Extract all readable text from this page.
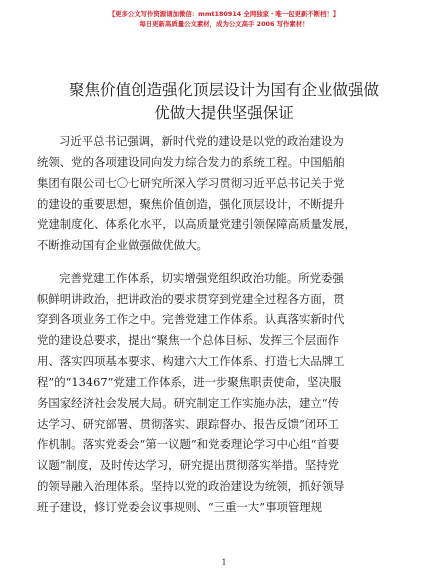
【更多公文写作资源请加微信：mmt180914 全网独家・唯一包更新不断档！】
每日更新高质量公文素材，成为公文高手 2006 写作素材！
聚焦价值创造强化顶层设计为国有企业做强做
优做大提供坚强保证
习近平总书记强调，新时代党的建设是以党的政治建设为
统领、党的各项建设同向发力综合发力的系统工程。中国船舶
集团有限公司七〇七研究所深入学习贯彻习近平总书记关于党
的建设的重要思想，聚焦价值创造，强化顶层设计，不断提升
党建制度化、体系化水平，以高质量党建引领保障高质量发展，
不断推动国有企业做强做优做大。
完善党建工作体系，切实增强党组织政治功能。所党委强
帜鲜明讲政治，把讲政治的要求贯穿到党建全过程各方面，贯
穿到各项业务工作之中。完善党建工作体系。认真落实新时代
党的建设总要求，提出“聚焦一个总体目标、发挥三个层面作
用、落实四项基本要求、构建六大工作体系、打造七大品牌工
程”的“13467”党建工作体系，进一步聚焦职责使命，坚决服
务国家经济社会发展大局。研究制定工作实施办法，建立“传
达学习、研究部署、贯彻落实、跟踪督办、报告反馈”闭环工
作机制。落实党委会“第一议题”和党委理论学习中心组“首要
议题”制度，及时传达学习，研究提出贯彻落实举措。坚持党
的领导融入治理体系。坚持以党的政治建设为统领，抓好领导
班子建设，修订党委会议事规则、“三重一大”事项管理规
1
